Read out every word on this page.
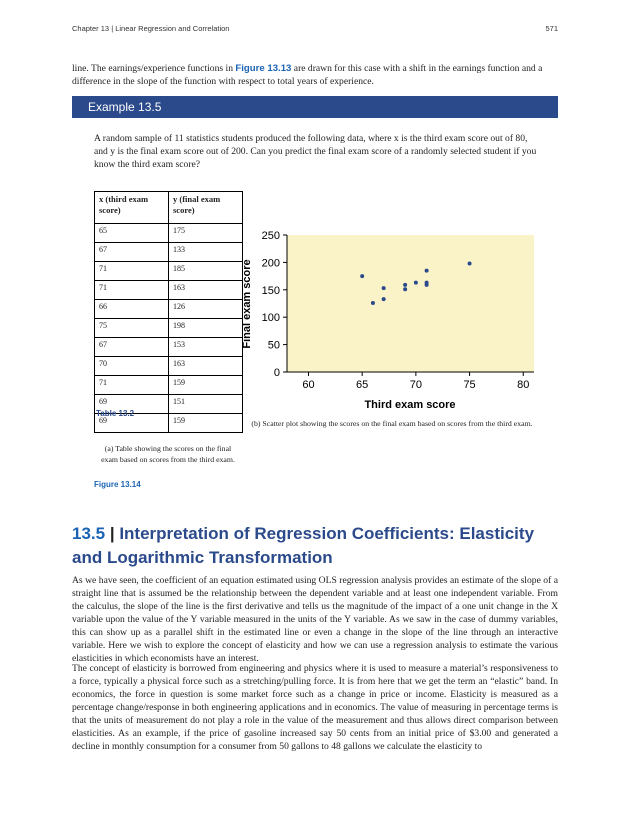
Chapter 13 | Linear Regression and Correlation	571
line. The earnings/experience functions in Figure 13.13 are drawn for this case with a shift in the earnings function and a difference in the slope of the function with respect to total years of experience.
Example 13.5
A random sample of 11 statistics students produced the following data, where x is the third exam score out of 80, and y is the final exam score out of 200. Can you predict the final exam score of a randomly selected student if you know the third exam score?
x (third exam score)	y (final exam score)
65	175
67	133
71	185
71	163
66	126
75	198
67	153
70	163
71	159
69	151
69	159
Table 13.2
0
50
100
150
200
250
60	65	70	75	80
Third exam score
Final exam score
(a) Table showing the scores on the final exam based on scores from the third exam.
(b) Scatter plot showing the scores on the final exam based on scores from the third exam.
Figure 13.14
13.5 | Interpretation of Regression Coefficients: Elasticity and Logarithmic Transformation
As we have seen, the coefficient of an equation estimated using OLS regression analysis provides an estimate of the slope of a straight line that is assumed be the relationship between the dependent variable and at least one independent variable. From the calculus, the slope of the line is the first derivative and tells us the magnitude of the impact of a one unit change in the X variable upon the value of the Y variable measured in the units of the Y variable. As we saw in the case of dummy variables, this can show up as a parallel shift in the estimated line or even a change in the slope of the line through an interactive variable. Here we wish to explore the concept of elasticity and how we can use a regression analysis to estimate the various elasticities in which economists have an interest.
The concept of elasticity is borrowed from engineering and physics where it is used to measure a material’s responsiveness to a force, typically a physical force such as a stretching/pulling force. It is from here that we get the term an “elastic” band. In economics, the force in question is some market force such as a change in price or income. Elasticity is measured as a percentage change/response in both engineering applications and in economics. The value of measuring in percentage terms is that the units of measurement do not play a role in the value of the measurement and thus allows direct comparison between elasticities. As an example, if the price of gasoline increased say 50 cents from an initial price of $3.00 and generated a decline in monthly consumption for a consumer from 50 gallons to 48 gallons we calculate the elasticity to
